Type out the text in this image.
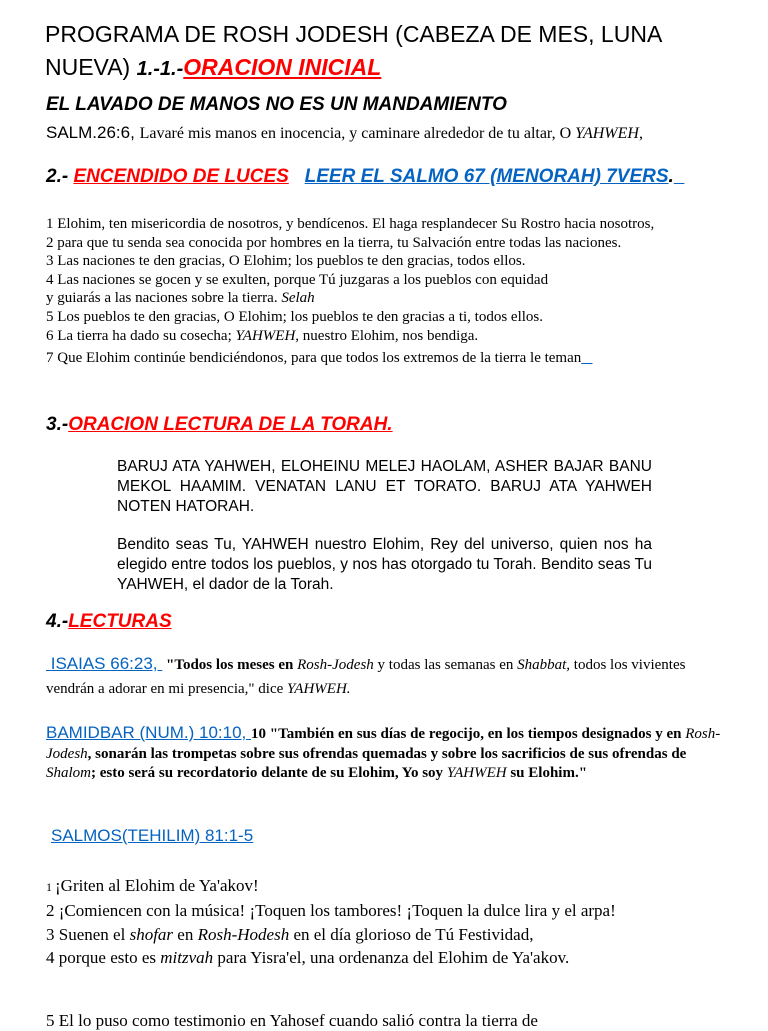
PROGRAMA DE ROSH JODESH (CABEZA DE MES, LUNA NUEVA) 1.-1.-ORACION INICIAL
EL LAVADO DE MANOS NO ES UN MANDAMIENTO
SALM.26:6, Lavaré mis manos en inocencia, y caminare alrededor de tu altar, O YAHWEH,
2.- ENCENDIDO DE LUCES LEER EL SALMO 67 (MENORAH) 7VERS.
1 Elohim, ten misericordia de nosotros, y bendícenos. El haga resplandecer Su Rostro hacia nosotros,
2 para que tu senda sea conocida por hombres en la tierra, tu Salvación entre todas las naciones.
3 Las naciones te den gracias, O Elohim; los pueblos te den gracias, todos ellos.
4 Las naciones se gocen y se exulten, porque Tú juzgaras a los pueblos con equidad
y guiarás a las naciones sobre la tierra. Selah
5 Los pueblos te den gracias, O Elohim; los pueblos te den gracias a ti, todos ellos.
6 La tierra ha dado su cosecha; YAHWEH, nuestro Elohim, nos bendiga.
7 Que Elohim continúe bendiciéndonos, para que todos los extremos de la tierra le teman
3.-ORACION LECTURA DE LA TORAH.
BARUJ ATA YAHWEH, ELOHEINU MELEJ HAOLAM, ASHER BAJAR BANU MEKOL HAAMIM. VENATAN LANU ET TORATO. BARUJ ATA YAHWEH NOTEN HATORAH.
Bendito seas Tu, YAHWEH nuestro Elohim, Rey del universo, quien nos ha elegido entre todos los pueblos, y nos has otorgado tu Torah. Bendito seas Tu YAHWEH, el dador de la Torah.
4.-LECTURAS
ISAIAS 66:23,  "Todos los meses en Rosh-Jodesh y todas las semanas en Shabbat, todos los vivientes vendrán a adorar en mi presencia," dice YAHWEH.
BAMIDBAR (NUM.) 10:10, 10 "También en sus días de regocijo, en los tiempos designados y en Rosh-Jodesh, sonarán las trompetas sobre sus ofrendas quemadas y sobre los sacrificios de sus ofrendas de Shalom; esto será su recordatorio delante de su Elohim, Yo soy YAHWEH su Elohim."
SALMOS(TEHILIM) 81:1-5
1 ¡Griten al Elohim de Ya'akov!
2 ¡Comiencen con la música! ¡Toquen los tambores! ¡Toquen la dulce lira y el arpa!
3 Suenen el shofar en Rosh-Hodesh en el día glorioso de Tú Festividad,
4 porque esto es mitzvah para Yisra'el, una ordenanza del Elohim de Ya'akov.
5 El lo puso como testimonio en Yahosef cuando salió contra la tierra de
